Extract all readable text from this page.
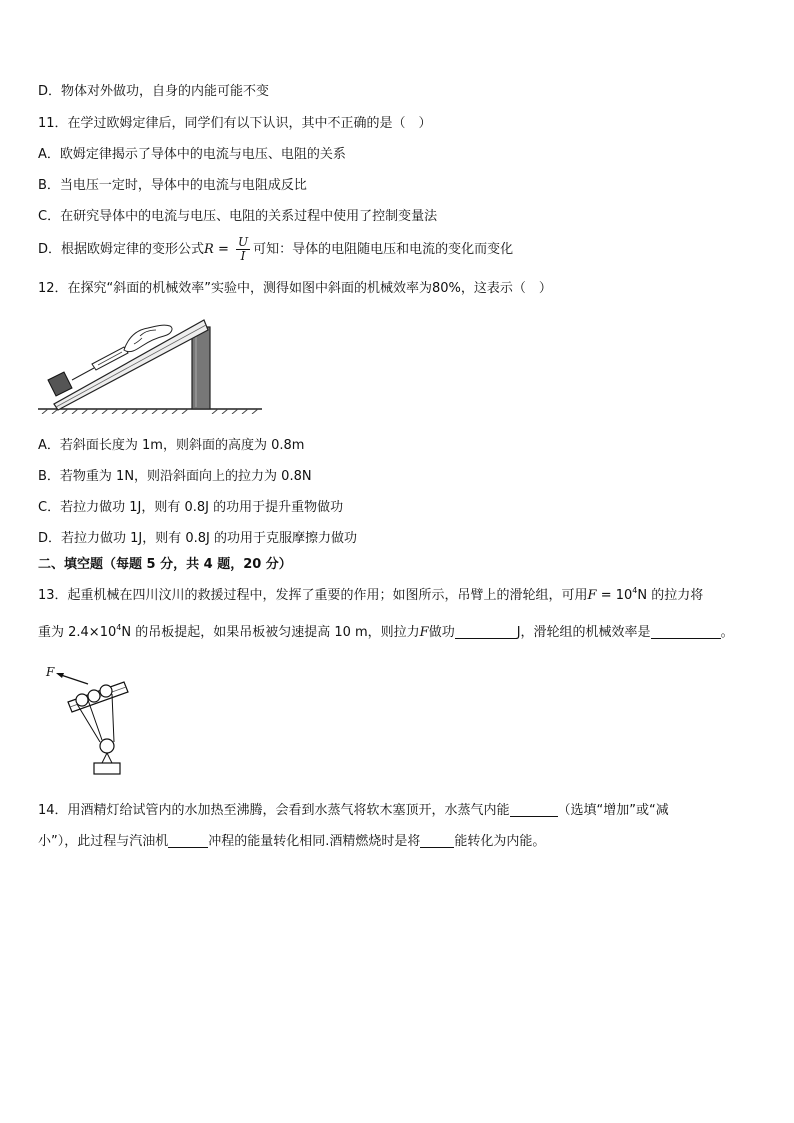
D．物体对外做功，自身的内能可能不变
11．在学过欧姆定律后，同学们有以下认识，其中不正确的是（　）
A．欧姆定律揭示了导体中的电流与电压、电阻的关系
B．当电压一定时，导体中的电流与电阻成反比
C．在研究导体中的电流与电压、电阻的关系过程中使用了控制变量法
D．根据欧姆定律的变形公式$R = \frac{U}{I}$ 可知：导体的电阻随电压和电流的变化而变化
12．在探究“斜面的机械效率”实验中，测得如图中斜面的机械效率为80%，这表示（　）
A．若斜面长度为 1m，则斜面的高度为 0.8m
B．若物重为 1N，则沿斜面向上的拉力为 0.8N
C．若拉力做功 1J，则有 0.8J 的功用于提升重物做功
D．若拉力做功 1J，则有 0.8J 的功用于克服摩擦力做功
二、填空题（每题 5 分，共 4 题，20 分）
13．起重机械在四川汶川的救援过程中，发挥了重要的作用；如图所示，吊臂上的滑轮组，可用$F = 10^4N$ 的拉力将
重为 $2.4\times 10^4N$ 的吊板提起，如果吊板被匀速提高 10 m，则拉力F做功	J，滑轮组的机械效率是	。
F
14．用酒精灯给试管内的水加热至沸腾，会看到水蒸气将软木塞顶开，水蒸气内能	（选填“增加”或“减
小”），此过程与汽油机	冲程的能量转化相同.酒精燃烧时是将	能转化为内能。
